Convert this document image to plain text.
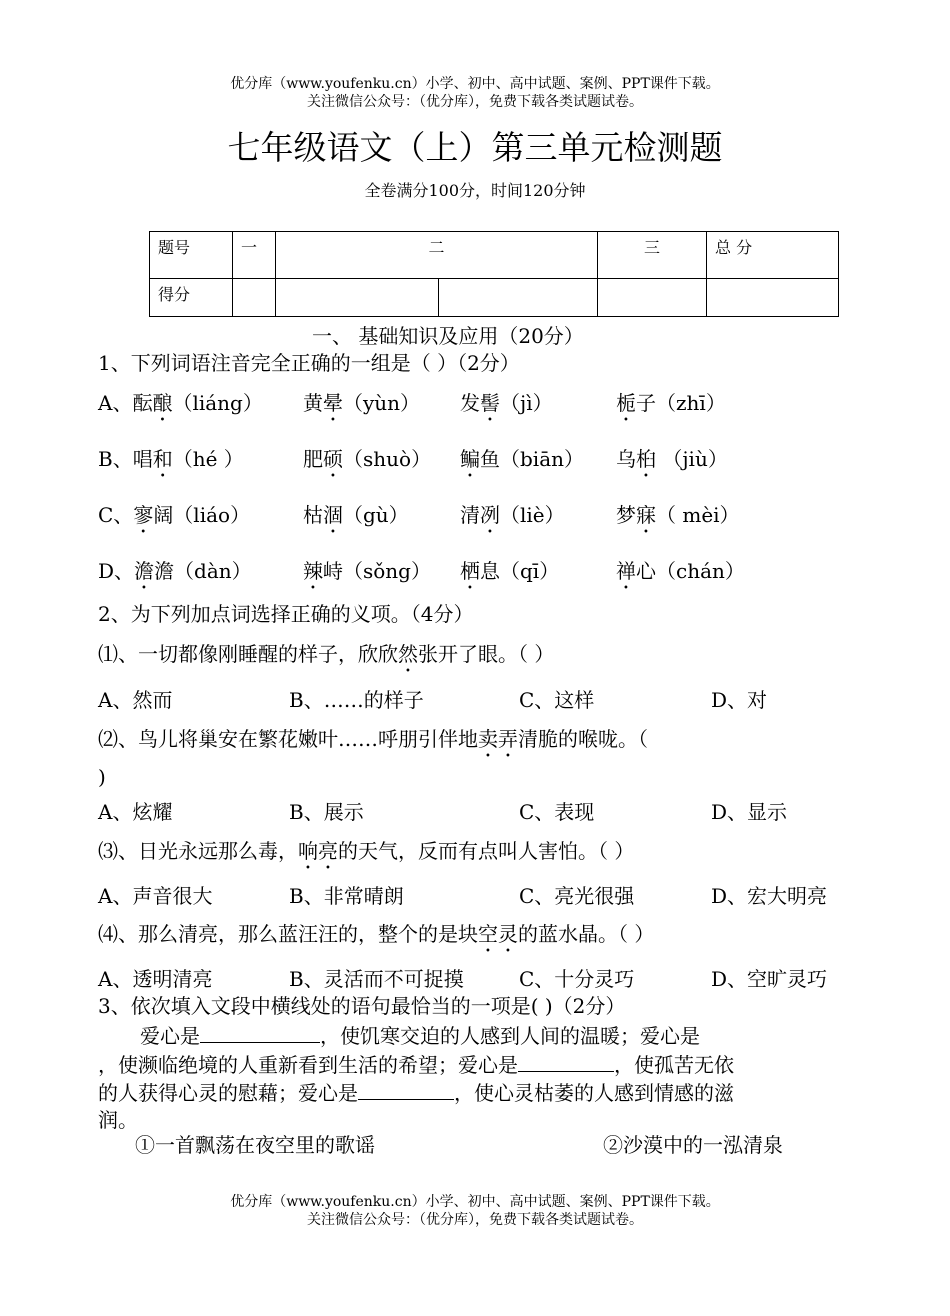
优分库（www.youfenku.cn）小学、初中、高中试题、案例、PPT课件下载。
关注微信公众号：（优分库），免费下载各类试题试卷。
七年级语文（上）第三单元检测题
全卷满分100分，时间120分钟
题号	一	二		三	总 分
得分					
一、 基础知识及应用（20分）
1、下列词语注音完全正确的一组是（ ）（2分）
A、酝酿（liáng） 黄晕（yùn） 发髻（jì）	栀子（zhī）
B、唱和（hé ）	肥硕（shuò） 鳊鱼（biān） 乌桕 （jiù）
C、寥阔（liáo）	枯涸（gù）	清冽（liè）	梦寐（ mèi）
D、澹澹（dàn）	辣峙（sǒng） 栖息（qī）	禅心（chán）
2、为下列加点词选择正确的义项。（4分）
⑴、一切都像刚睡醒的样子，欣欣然张开了眼。（ ）
A、然而	B、……的样子	C、这样	D、对
⑵、鸟儿将巢安在繁花嫩叶……呼朋引伴地卖弄清脆的喉咙。（
)
A、炫耀	B、展示	C、表现	D、显示
⑶、日光永远那么毒，响亮的天气，反而有点叫人害怕。（ ）
A、声音很大	B、非常晴朗	C、亮光很强	D、宏大明亮
⑷、那么清亮，那么蓝汪汪的，整个的是块空灵的蓝水晶。（ ）
A、透明清亮	B、灵活而不可捉摸	C、十分灵巧	D、空旷灵巧
3、依次填入文段中横线处的语句最恰当的一项是( )（2分）
爱心是	，使饥寒交迫的人感到人间的温暖；爱心是
，使濒临绝境的人重新看到生活的希望；爱心是	，使孤苦无依
的人获得心灵的慰藉；爱心是	，使心灵枯萎的人感到情感的滋
润。
①一首飘荡在夜空里的歌谣	②沙漠中的一泓清泉
优分库（www.youfenku.cn）小学、初中、高中试题、案例、PPT课件下载。
关注微信公众号：（优分库），免费下载各类试题试卷。
